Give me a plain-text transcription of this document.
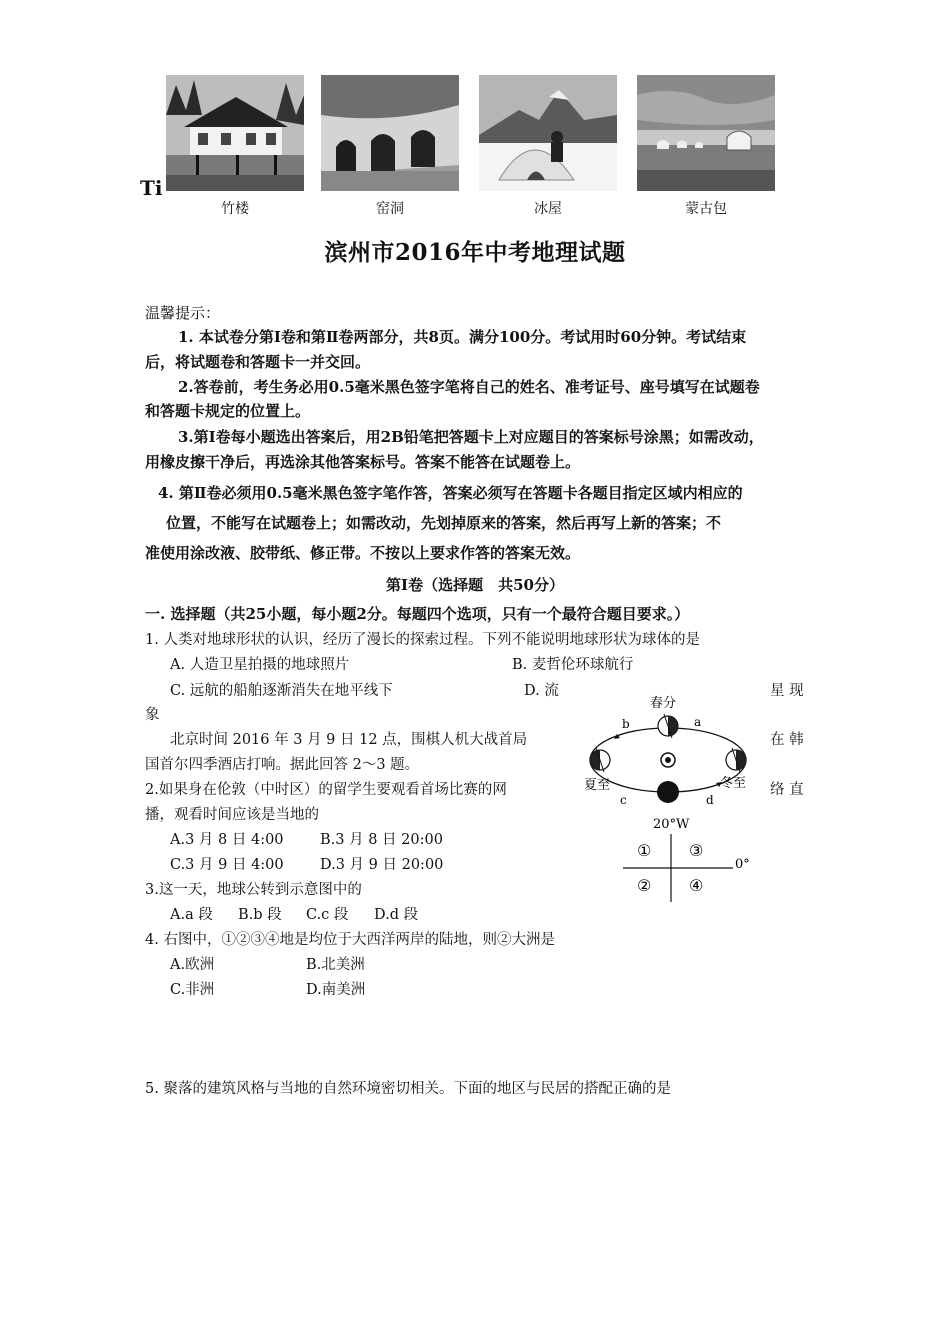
Ti
竹楼	窑洞	冰屋	蒙古包
滨州市2016年中考地理试题
温馨提示：
1. 本试卷分第Ⅰ卷和第Ⅱ卷两部分，共8页。满分100分。考试用时60分钟。考试结束
后，将试题卷和答题卡一并交回。
2.答卷前，考生务必用0.5毫米黑色签字笔将自己的姓名、准考证号、座号填写在试题卷
和答题卡规定的位置上。
3.第Ⅰ卷每小题选出答案后，用2B铅笔把答题卡上对应题目的答案标号涂黑；如需改动，
用橡皮擦干净后，再选涂其他答案标号。答案不能答在试题卷上。
4. 第Ⅱ卷必须用0.5毫米黑色签字笔作答，答案必须写在答题卡各题目指定区域内相应的
位置，不能写在试题卷上；如需改动，先划掉原来的答案，然后再写上新的答案；不
准使用涂改液、胶带纸、修正带。不按以上要求作答的答案无效。
第Ⅰ卷（选择题　共50分）
一. 选择题（共25小题，每小题2分。每题四个选项，只有一个最符合题目要求。）
1. 人类对地球形状的认识，经历了漫长的探索过程。下列不能说明地球形状为球体的是
A. 人造卫星拍摄的地球照片	B. 麦哲伦环球航行
C. 远航的船舶逐渐消失在地平线下	D. 流	星 现
象
北京时间 2016 年 3 月 9 日 12 点，围棋人机大战首局	在 韩
国首尔四季酒店打响。据此回答 2～3 题。
2.如果身在伦敦（中时区）的留学生要观看首场比赛的网	络 直
播，观看时间应该是当地的
A.3 月 8 日 4:00	B.3 月 8 日 20:00
C.3 月 9 日 4:00	D.3 月 9 日 20:00
3.这一天，地球公转到示意图中的
A.a 段 B.b 段 C.c 段 D.d 段
4. 右图中，①②③④地是均位于大西洋两岸的陆地，则②大洲是
A.欧洲	B.北美洲
C.非洲	D.南美洲
5. 聚落的建筑风格与当地的自然环境密切相关。下面的地区与民居的搭配正确的是
春分
夏至	冬至
a
b
c	d
20°W
0°
①
②
③
④
